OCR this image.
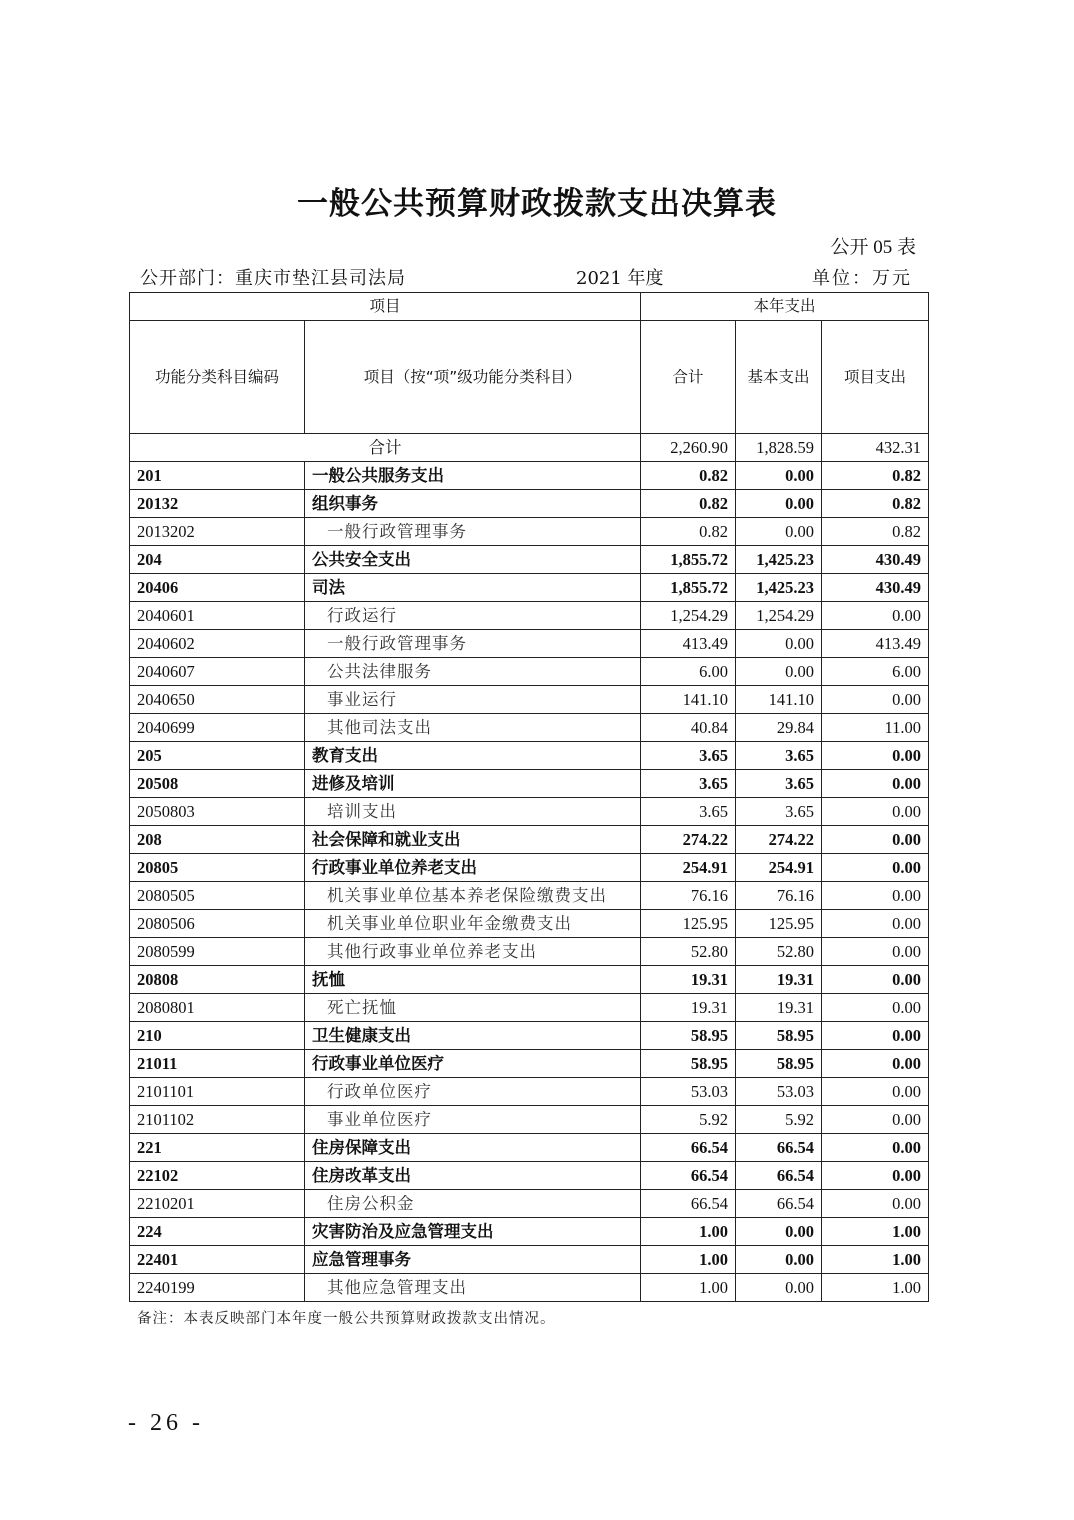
一般公共预算财政拨款支出决算表
公开 05 表
公开部门：重庆市垫江县司法局	2021 年度	单位：万元
项目		本年支出		
功能分类科目编码	项目（按“项”级功能分类科目）	合计	基本支出	项目支出
合计		2,260.90	1,828.59	432.31
201	一般公共服务支出	0.82	0.00	0.82
20132	组织事务	0.82	0.00	0.82
2013202	一般行政管理事务	0.82	0.00	0.82
204	公共安全支出	1,855.72	1,425.23	430.49
20406	司法	1,855.72	1,425.23	430.49
2040601	行政运行	1,254.29	1,254.29	0.00
2040602	一般行政管理事务	413.49	0.00	413.49
2040607	公共法律服务	6.00	0.00	6.00
2040650	事业运行	141.10	141.10	0.00
2040699	其他司法支出	40.84	29.84	11.00
205	教育支出	3.65	3.65	0.00
20508	进修及培训	3.65	3.65	0.00
2050803	培训支出	3.65	3.65	0.00
208	社会保障和就业支出	274.22	274.22	0.00
20805	行政事业单位养老支出	254.91	254.91	0.00
2080505	机关事业单位基本养老保险缴费支出	76.16	76.16	0.00
2080506	机关事业单位职业年金缴费支出	125.95	125.95	0.00
2080599	其他行政事业单位养老支出	52.80	52.80	0.00
20808	抚恤	19.31	19.31	0.00
2080801	死亡抚恤	19.31	19.31	0.00
210	卫生健康支出	58.95	58.95	0.00
21011	行政事业单位医疗	58.95	58.95	0.00
2101101	行政单位医疗	53.03	53.03	0.00
2101102	事业单位医疗	5.92	5.92	0.00
221	住房保障支出	66.54	66.54	0.00
22102	住房改革支出	66.54	66.54	0.00
2210201	住房公积金	66.54	66.54	0.00
224	灾害防治及应急管理支出	1.00	0.00	1.00
22401	应急管理事务	1.00	0.00	1.00
2240199	其他应急管理支出	1.00	0.00	1.00
备注：本表反映部门本年度一般公共预算财政拨款支出情况。
- 26 -
